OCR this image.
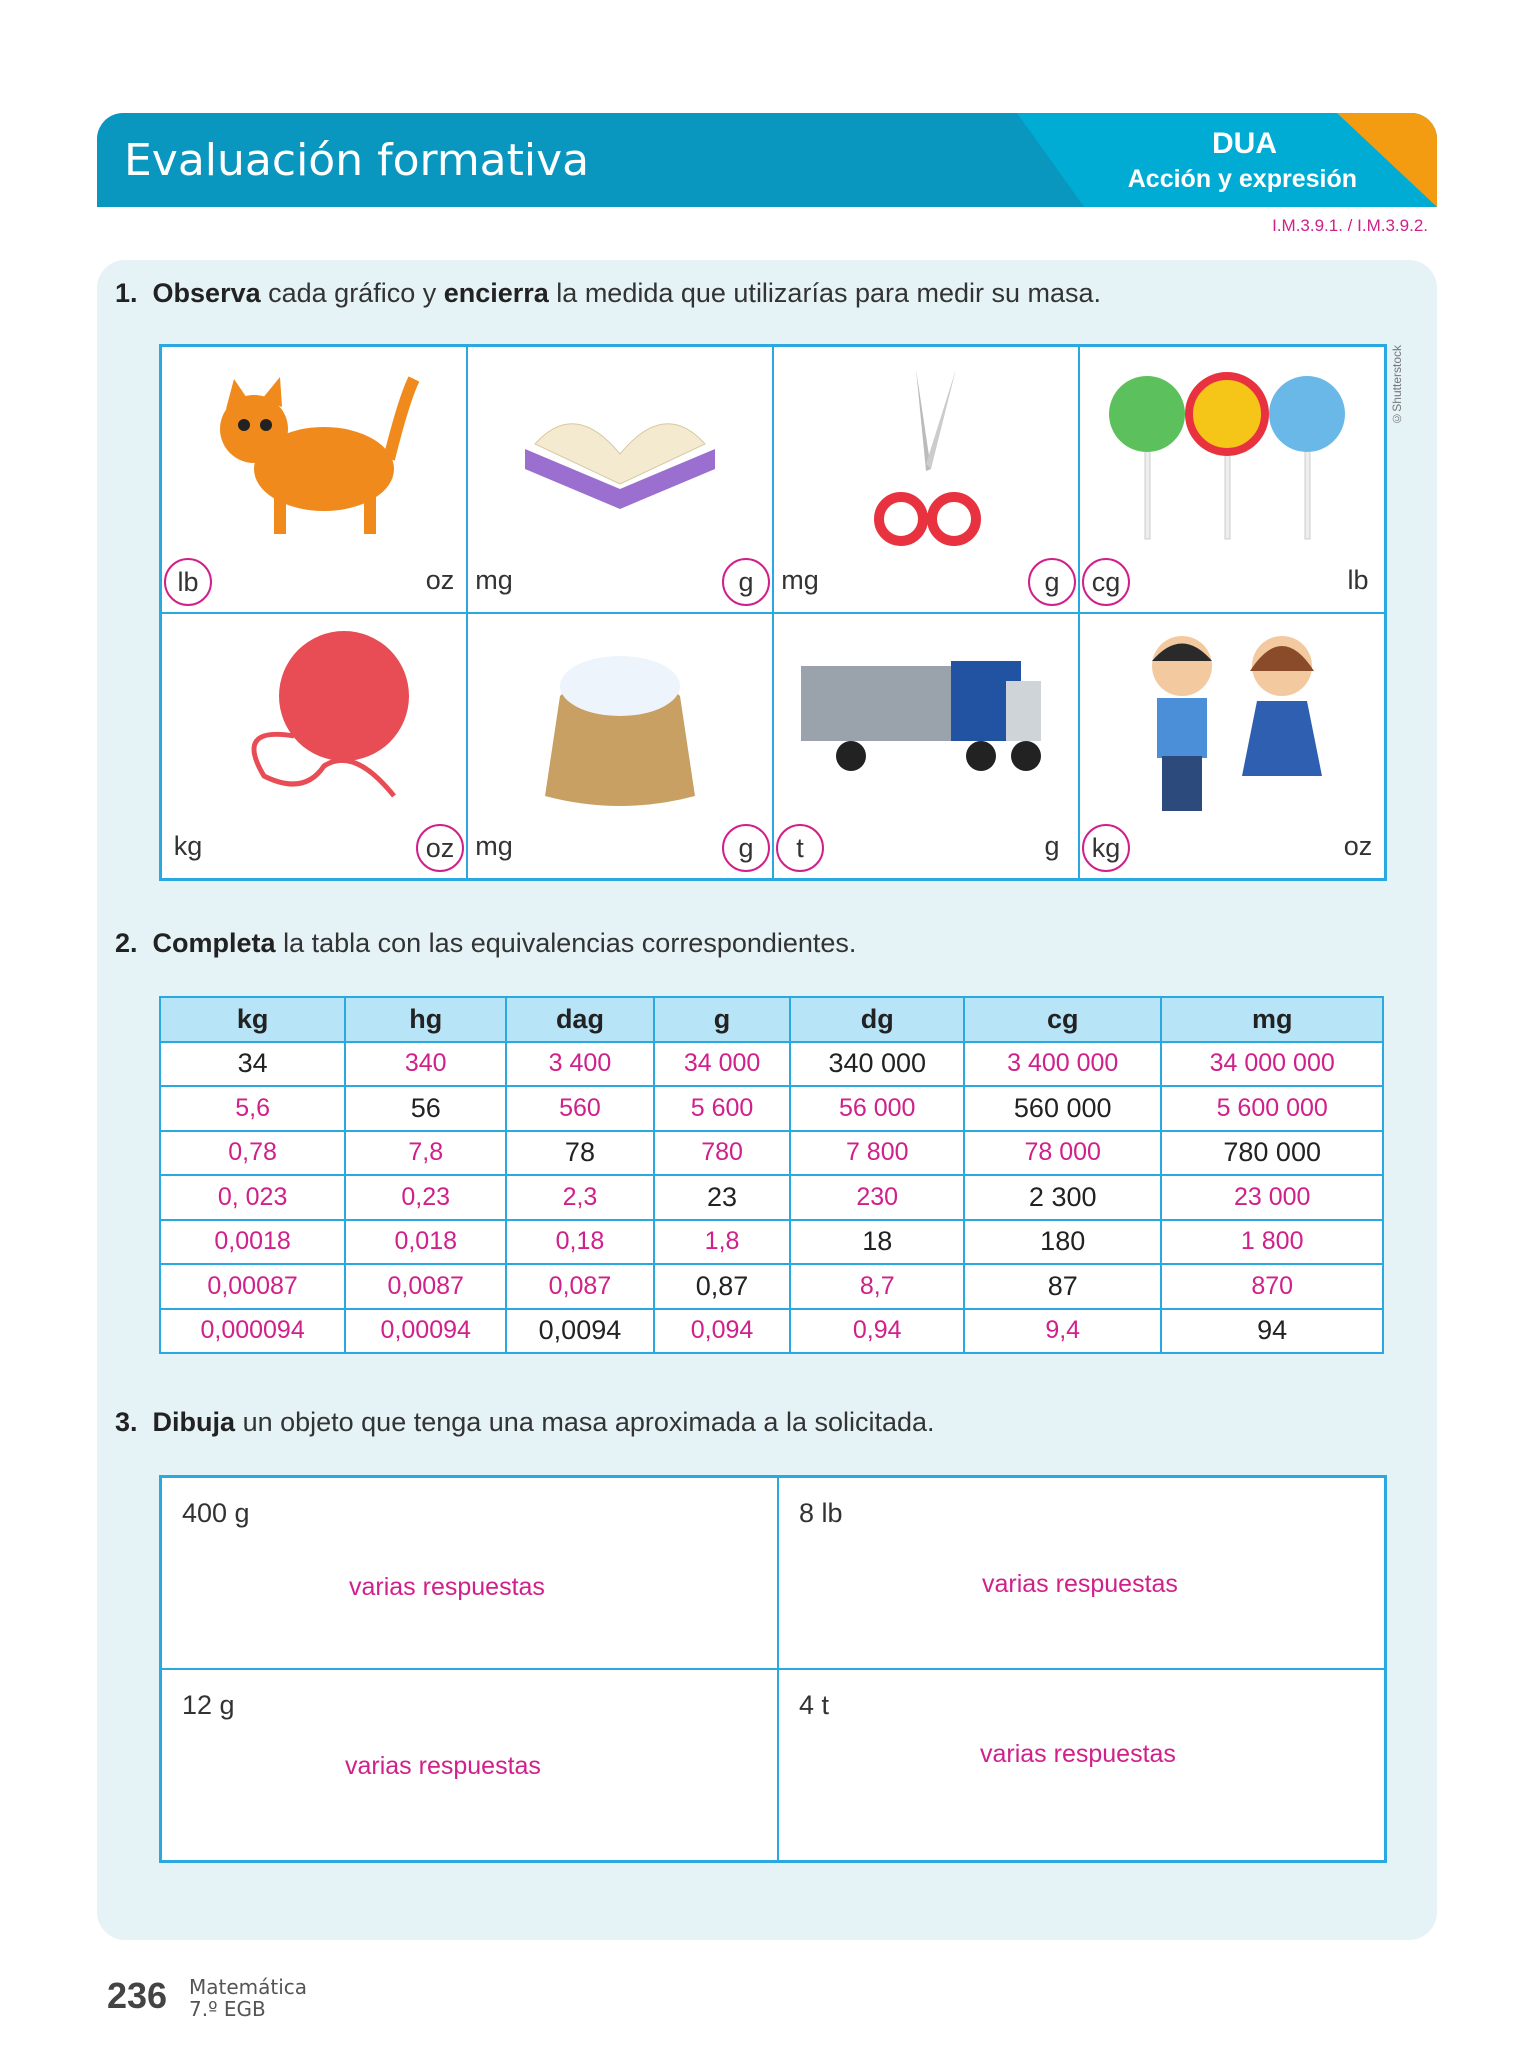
Evaluación formativa	DUA
Acción y expresión
I.M.3.9.1. / I.M.3.9.2.
1. Observa cada gráfico y encierra la medida que utilizarías para medir su masa.
lb	oz mg	g	mg	g	cg	lb
kg	oz mg	g	t	g	kg	oz
©Shutterstock
2. Completa la tabla con las equivalencias correspondientes.
kg	hg	dag	g	dg	cg	mg
34	340	3 400	34 000	340 000	3 400 000	34 000 000
5,6	56	560	5 600	56 000	560 000	5 600 000
0,78	7,8	78	780	7 800	78 000	780 000
0, 023	0,23	2,3	23	230	2 300	23 000
0,0018	0,018	0,18	1,8	18	180	1 800
0,00087	0,0087	0,087	0,87	8,7	87	870
0,000094	0,00094	0,0094	0,094	0,94	9,4	94
3. Dibuja un objeto que tenga una masa aproximada a la solicitada.
400 g
varias respuestas
8 lb
varias respuestas
12 g
varias respuestas
4 t
varias respuestas
236 Matemática
7.º EGB
